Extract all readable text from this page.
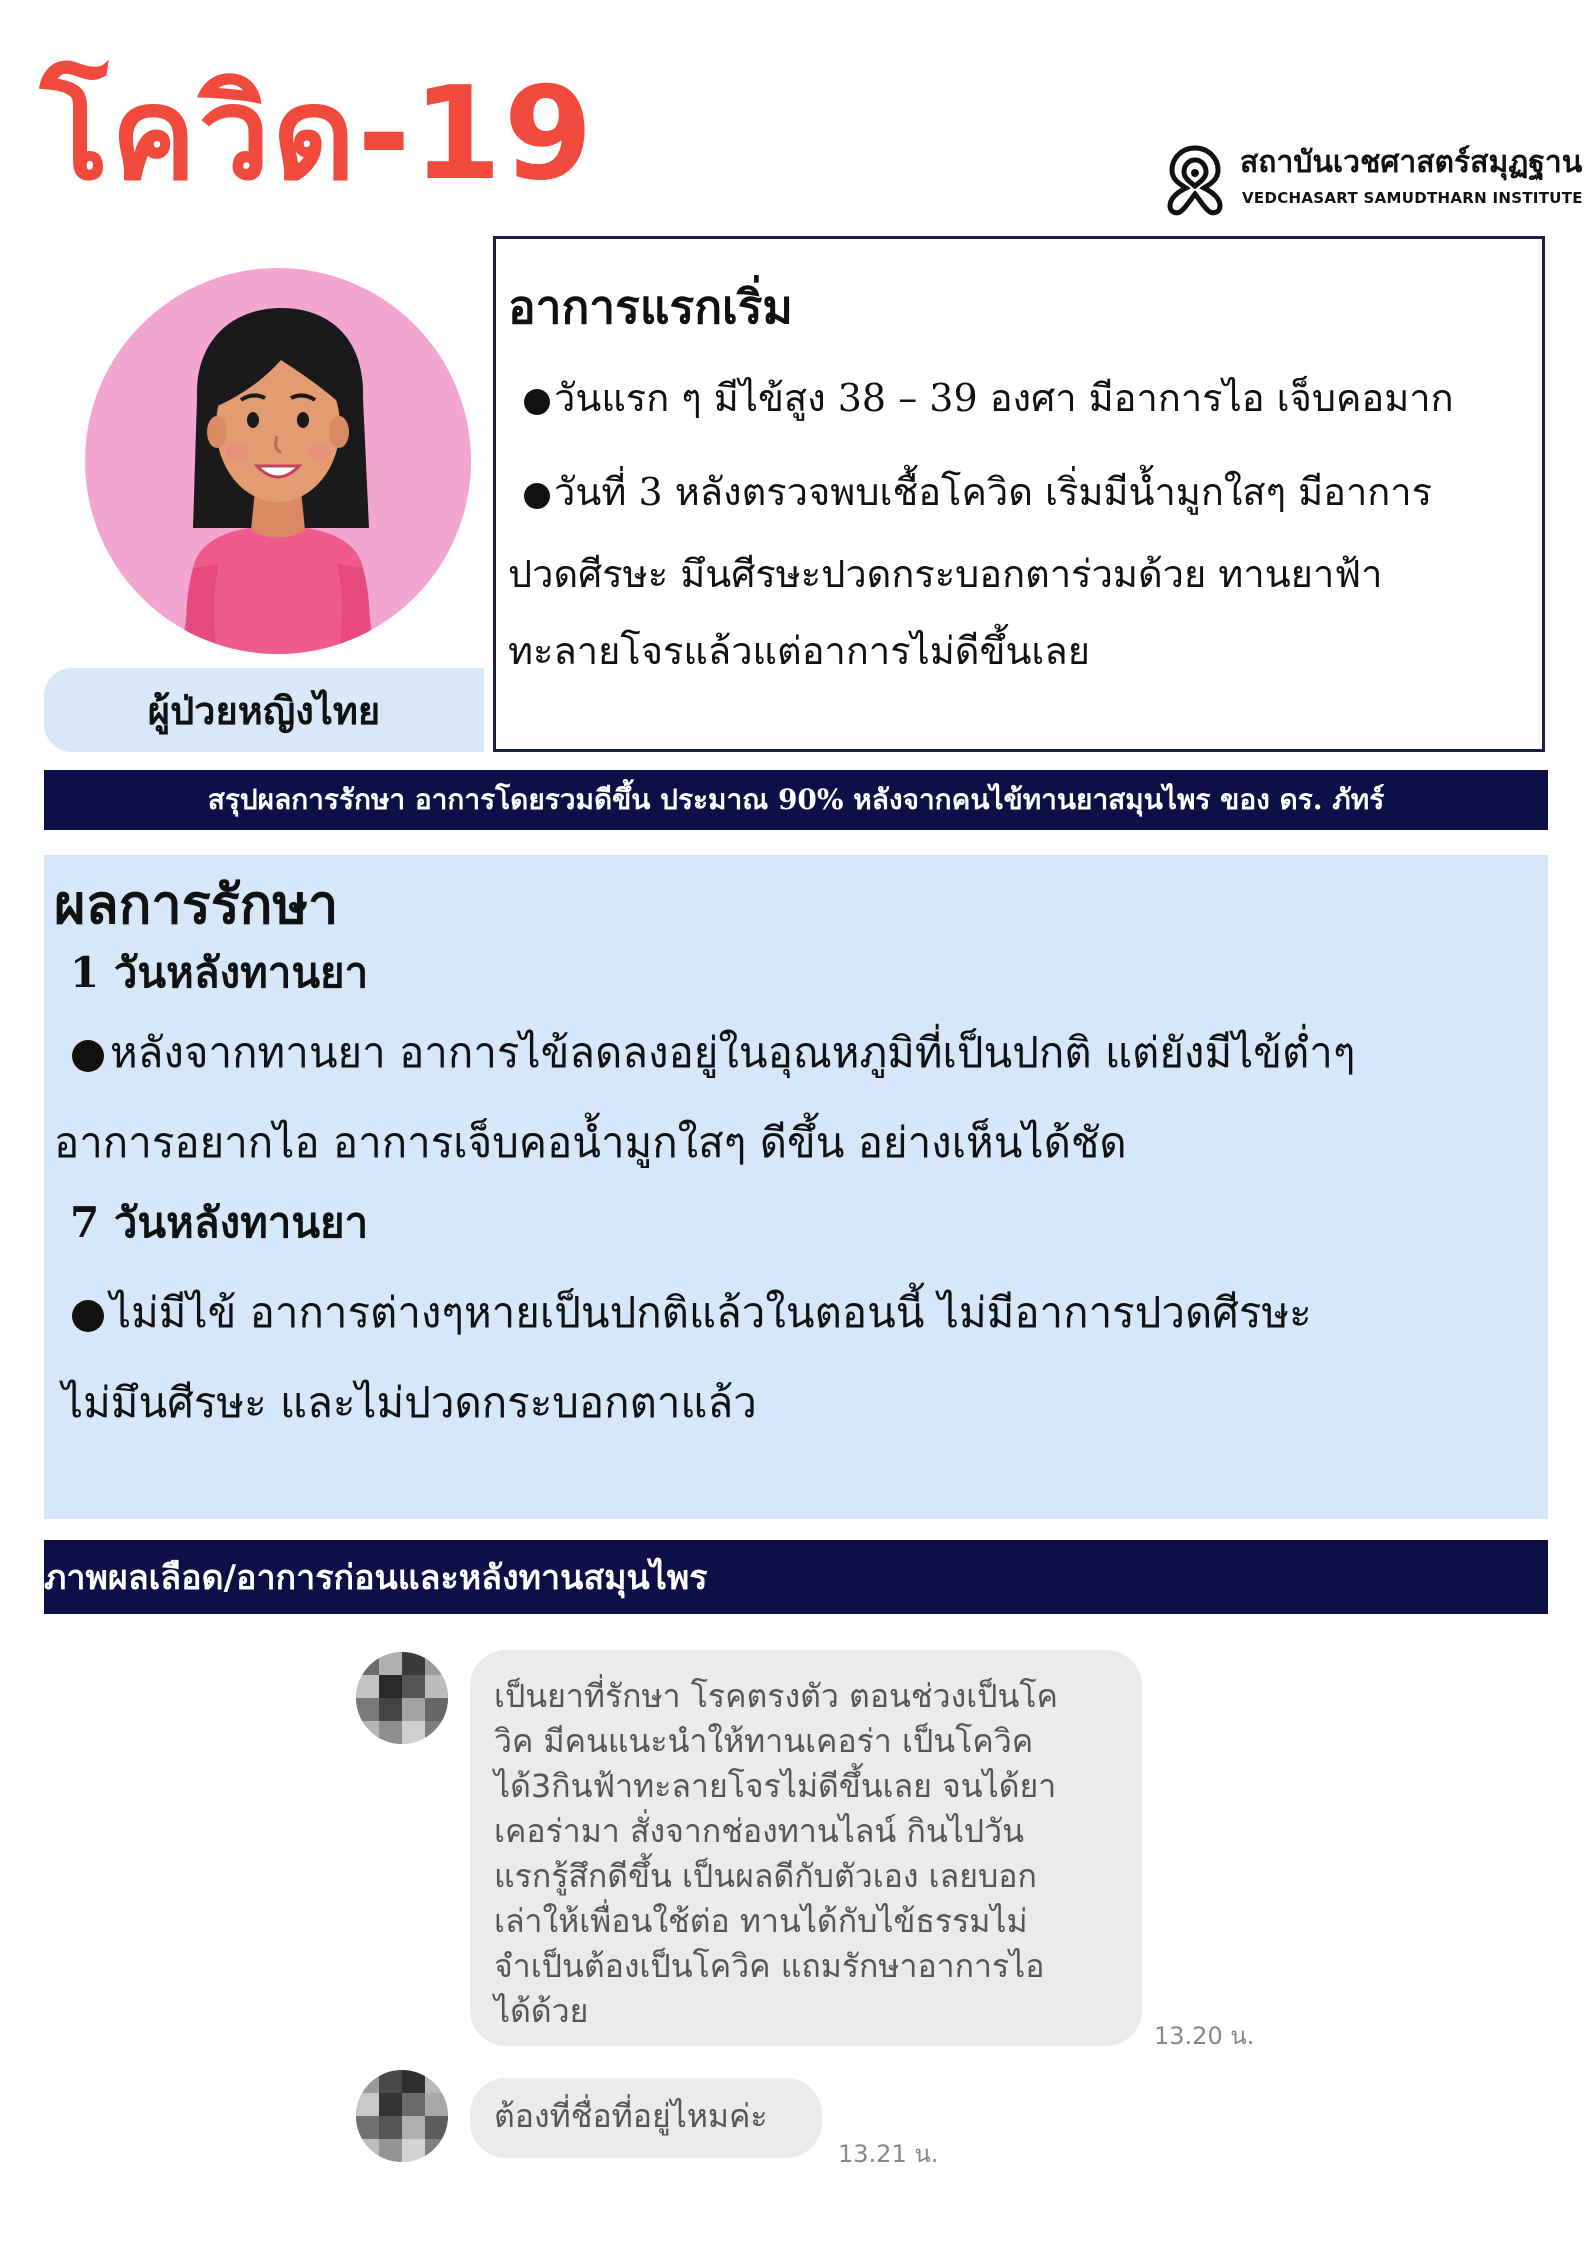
โควิด-19	สถาบันเวชศาสตร์สมุฏฐาน
VEDCHASART SAMUDTHARN INSTITUTE
ผู้ป่วยหญิงไทย
อาการแรกเริ่ม
วันแรก ๆ มีไข้สูง 38 – 39 องศา มีอาการไอ เจ็บคอมาก
วันที่ 3 หลังตรวจพบเชื้อโควิด เริ่มมีน้ำมูกใสๆ มีอาการ
ปวดศีรษะ มึนศีรษะปวดกระบอกตาร่วมด้วย ทานยาฟ้า
ทะลายโจรแล้วแต่อาการไม่ดีขึ้นเลย
สรุปผลการรักษา อาการโดยรวมดีขึ้น ประมาณ 90% หลังจากคนไข้ทานยาสมุนไพร ของ ดร. ภัทร์
ผลการรักษา
1 วันหลังทานยา
หลังจากทานยา อาการไข้ลดลงอยู่ในอุณหภูมิที่เป็นปกติ แต่ยังมีไข้ต่ำๆ
อาการอยากไอ อาการเจ็บคอน้ำมูกใสๆ ดีขึ้น อย่างเห็นได้ชัด
7 วันหลังทานยา
ไม่มีไข้ อาการต่างๆหายเป็นปกติแล้วในตอนนี้ ไม่มีอาการปวดศีรษะ
ไม่มึนศีรษะ และไม่ปวดกระบอกตาแล้ว
ภาพผลเลือด/อาการก่อนและหลังทานสมุนไพร
เป็นยาที่รักษา โรคตรงตัว ตอนช่วงเป็นโค
วิค มีคนแนะนำให้ทานเคอร่า เป็นโควิค
ได้3กินฟ้าทะลายโจรไม่ดีขึ้นเลย จนได้ยา
เคอร่ามา สั่งจากช่องทานไลน์ กินไปวัน
แรกรู้สึกดีขึ้น เป็นผลดีกับตัวเอง เลยบอก
เล่าให้เพื่อนใช้ต่อ ทานได้กับไข้ธรรมไม่
จำเป็นต้องเป็นโควิค แถมรักษาอาการไอ
ได้ด้วย
13.20 น.
ต้องที่ชื่อที่อยู่ไหมค่ะ
13.21 น.
